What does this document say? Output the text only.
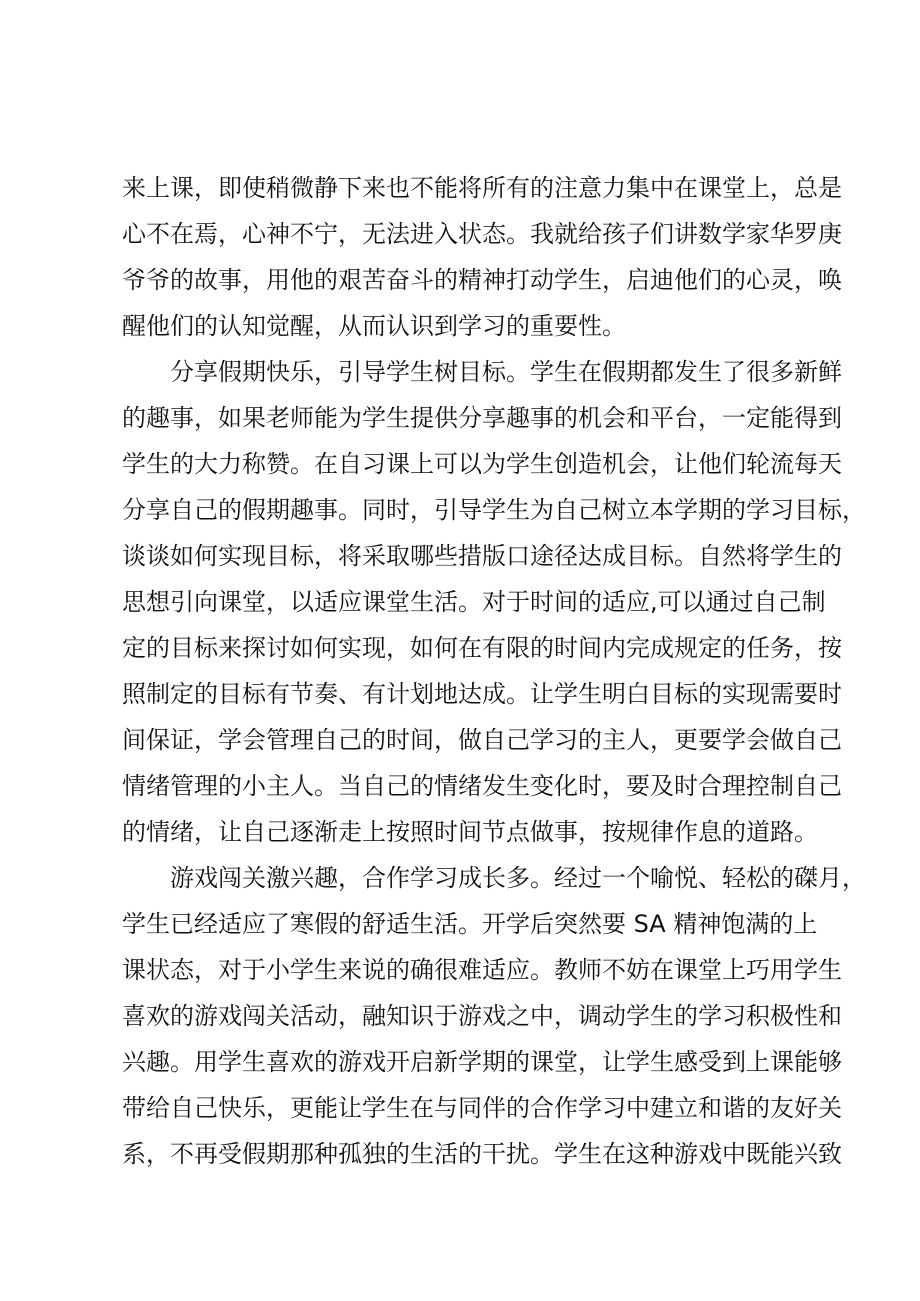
来上课，即使稍微静下来也不能将所有的注意力集中在课堂上，总是
心不在焉，心神不宁，无法进入状态。我就给孩子们讲数学家华罗庚
爷爷的故事，用他的艰苦奋斗的精神打动学生，启迪他们的心灵，唤
醒他们的认知觉醒，从而认识到学习的重要性。
分享假期快乐，引导学生树目标。学生在假期都发生了很多新鲜
的趣事，如果老师能为学生提供分享趣事的机会和平台，一定能得到
学生的大力称赞。在自习课上可以为学生创造机会，让他们轮流每天
分享自己的假期趣事。同时，引导学生为自己树立本学期的学习目标，
谈谈如何实现目标，将采取哪些措版口途径达成目标。自然将学生的
思想引向课堂，以适应课堂生活。对于时间的适应,可以通过自己制
定的目标来探讨如何实现，如何在有限的时间内完成规定的任务，按
照制定的目标有节奏、有计划地达成。让学生明白目标的实现需要时
间保证，学会管理自己的时间，做自己学习的主人，更要学会做自己
情绪管理的小主人。当自己的情绪发生变化时，要及时合理控制自己
的情绪，让自己逐渐走上按照时间节点做事，按规律作息的道路。
游戏闯关激兴趣，合作学习成长多。经过一个喻悦、轻松的磔月，
学生已经适应了寒假的舒适生活。开学后突然要 SA 精神饱满的上
课状态，对于小学生来说的确很难适应。教师不妨在课堂上巧用学生
喜欢的游戏闯关活动，融知识于游戏之中，调动学生的学习积极性和
兴趣。用学生喜欢的游戏开启新学期的课堂，让学生感受到上课能够
带给自己快乐，更能让学生在与同伴的合作学习中建立和谐的友好关
系，不再受假期那种孤独的生活的干扰。学生在这种游戏中既能兴致
